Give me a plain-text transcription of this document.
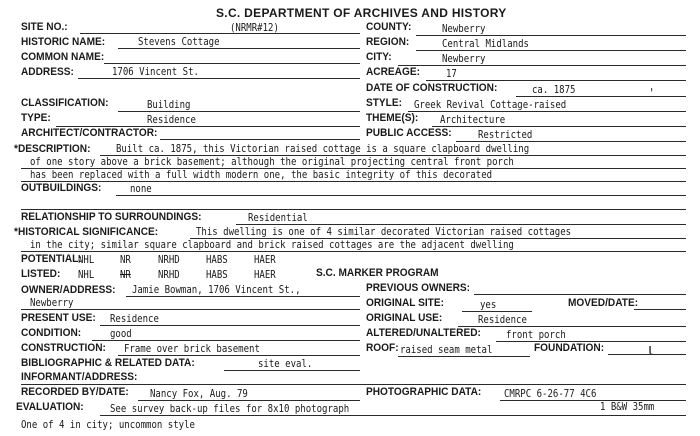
S.C. DEPARTMENT OF ARCHIVES AND HISTORY
(NRMR#12)
SITE NO.:
HISTORIC NAME:	Stevens Cottage
COMMON NAME:
ADDRESS:	1706 Vincent St.
COUNTY:	Newberry
REGION:	Central Midlands
CITY:	Newberry
ACREAGE: 17
DATE OF CONSTRUCTION:	ca. 1875	'
CLASSIFICATION:	Building
TYPE:	Residence
ARCHITECT/CONTRACTOR:
STYLE: Greek Revival Cottage-raised
THEME(S): Architecture
PUBLIC ACCESS:	Restricted
*DESCRIPTION: Built ca. 1875, this Victorian raised cottage is a square clapboard dwelling
of one story above a brick basement; although the original projecting central front porch
has been replaced with a full width modern one, the basic integrity of this decorated
OUTBUILDINGS:	none
RELATIONSHIP TO SURROUNDINGS:	Residential
*HISTORICAL SIGNIFICANCE:	This dwelling is one of 4 similar decorated Victorian raised cottages
in the city; similar square clapboard and brick raised cottages are the adjacent dwelling
POTENTIAL:
NHL NR	NRHD HABS HAER
LISTED: NHL NR	NRHD HABS HAER	S.C. MARKER PROGRAM
OWNER/ADDRESS: Jamie Bowman, 1706 Vincent St.,
Newberry
PREVIOUS OWNERS:
ORIGINAL SITE:	yes	MOVED/DATE:
PRESENT USE: Residence	ORIGINAL USE:	Residence
CONDITION:	good	ALTERED/UNALTERED: front porch
CONSTRUCTION: Frame over brick basement	ROOF: raised seam metal	FOUNDATION:	ɩ
BIBLIOGRAPHIC & RELATED DATA:	site eval.
INFORMANT/ADDRESS:
RECORDED BY/DATE: Nancy Fox, Aug. 79	PHOTOGRAPHIC DATA: CMRPC 6-26-77 4C6
EVALUATION:	See survey back-up files for 8x10 photograph	1 B&W 35mm
One of 4 in city; uncommon style
